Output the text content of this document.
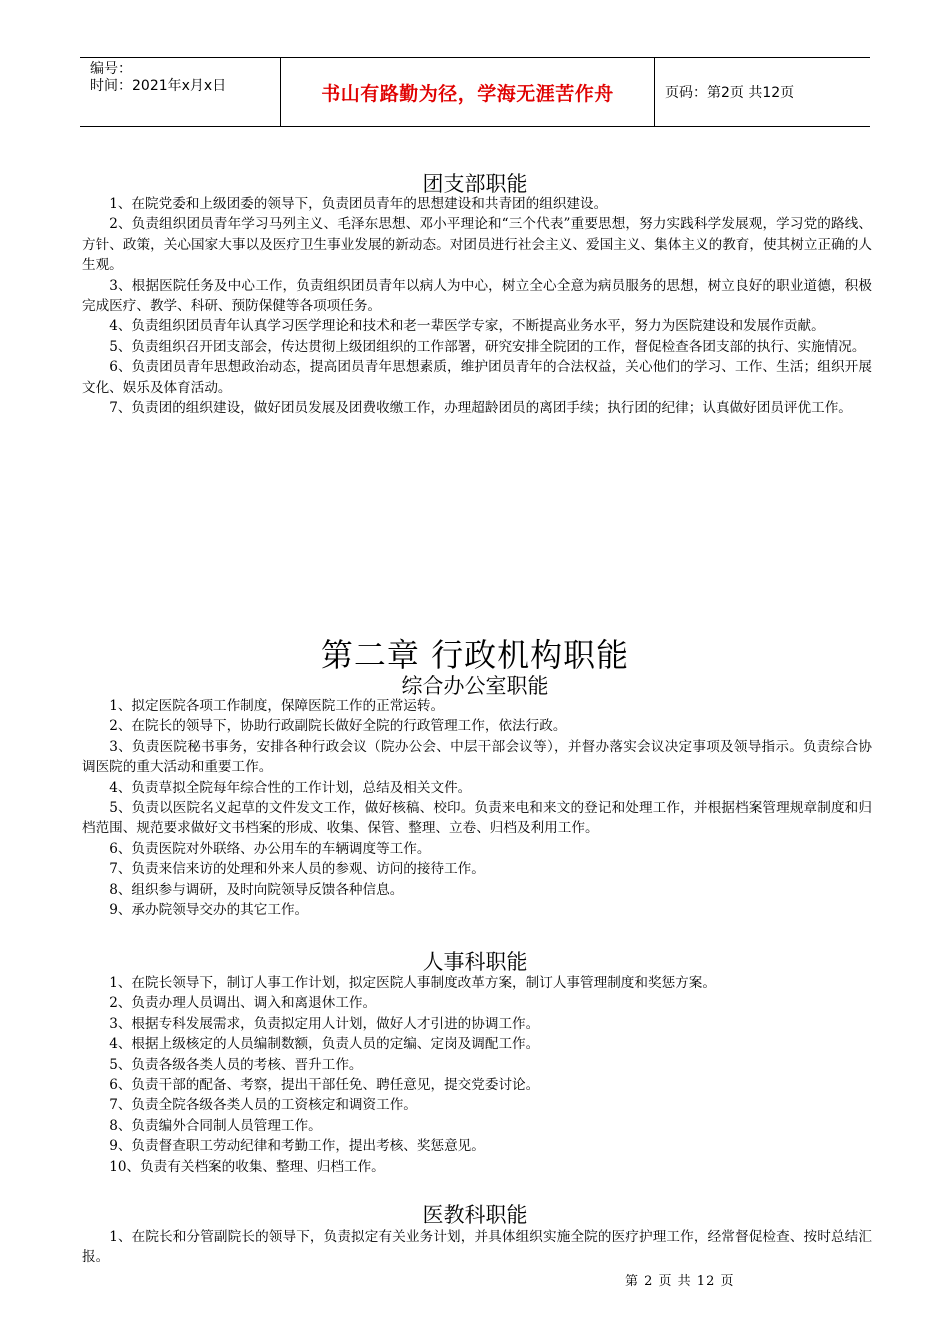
编号：
时间：2021年x月x日	书山有路勤为径，学海无涯苦作舟	页码：第2页 共12页
团支部职能

1、在院党委和上级团委的领导下，负责团员青年的思想建设和共青团的组织建设。

2、负责组织团员青年学习马列主义、毛泽东思想、邓小平理论和“三个代表”重要思想，努力实践科学发展观，学习党的路线、方针、政策，关心国家大事以及医疗卫生事业发展的新动态。对团员进行社会主义、爱国主义、集体主义的教育，使其树立正确的人生观。

3、根据医院任务及中心工作，负责组织团员青年以病人为中心，树立全心全意为病员服务的思想，树立良好的职业道德，积极完成医疗、教学、科研、预防保健等各项项任务。

4、负责组织团员青年认真学习医学理论和技术和老一辈医学专家，不断提高业务水平，努力为医院建设和发展作贡献。

5、负责组织召开团支部会，传达贯彻上级团组织的工作部署，研究安排全院团的工作，督促检查各团支部的执行、实施情况。

6、负责团员青年思想政治动态，提高团员青年思想素质，维护团员青年的合法权益，关心他们的学习、工作、生活；组织开展文化、娱乐及体育活动。

7、负责团的组织建设，做好团员发展及团费收缴工作，办理超龄团员的离团手续；执行团的纪律；认真做好团员评优工作。

第二章 行政机构职能
综合办公室职能

1、拟定医院各项工作制度，保障医院工作的正常运转。

2、在院长的领导下，协助行政副院长做好全院的行政管理工作，依法行政。

3、负责医院秘书事务，安排各种行政会议（院办公会、中层干部会议等），并督办落实会议决定事项及领导指示。负责综合协调医院的重大活动和重要工作。

4、负责草拟全院每年综合性的工作计划，总结及相关文件。

5、负责以医院名义起草的文件发文工作，做好核稿、校印。负责来电和来文的登记和处理工作，并根据档案管理规章制度和归档范围、规范要求做好文书档案的形成、收集、保管、整理、立卷、归档及利用工作。

6、负责医院对外联络、办公用车的车辆调度等工作。

7、负责来信来访的处理和外来人员的参观、访问的接待工作。

8、组织参与调研，及时向院领导反馈各种信息。

9、承办院领导交办的其它工作。

人事科职能

1、在院长领导下，制订人事工作计划，拟定医院人事制度改革方案，制订人事管理制度和奖惩方案。

2、负责办理人员调出、调入和离退休工作。

3、根据专科发展需求，负责拟定用人计划，做好人才引进的协调工作。

4、根据上级核定的人员编制数额，负责人员的定编、定岗及调配工作。

5、负责各级各类人员的考核、晋升工作。

6、负责干部的配备、考察，提出干部任免、聘任意见，提交党委讨论。

7、负责全院各级各类人员的工资核定和调资工作。

8、负责编外合同制人员管理工作。

9、负责督查职工劳动纪律和考勤工作，提出考核、奖惩意见。

10、负责有关档案的收集、整理、归档工作。

医教科职能

1、在院长和分管副院长的领导下，负责拟定有关业务计划，并具体组织实施全院的医疗护理工作，经常督促检查、按时总结汇报。

第 2 页 共 12 页
